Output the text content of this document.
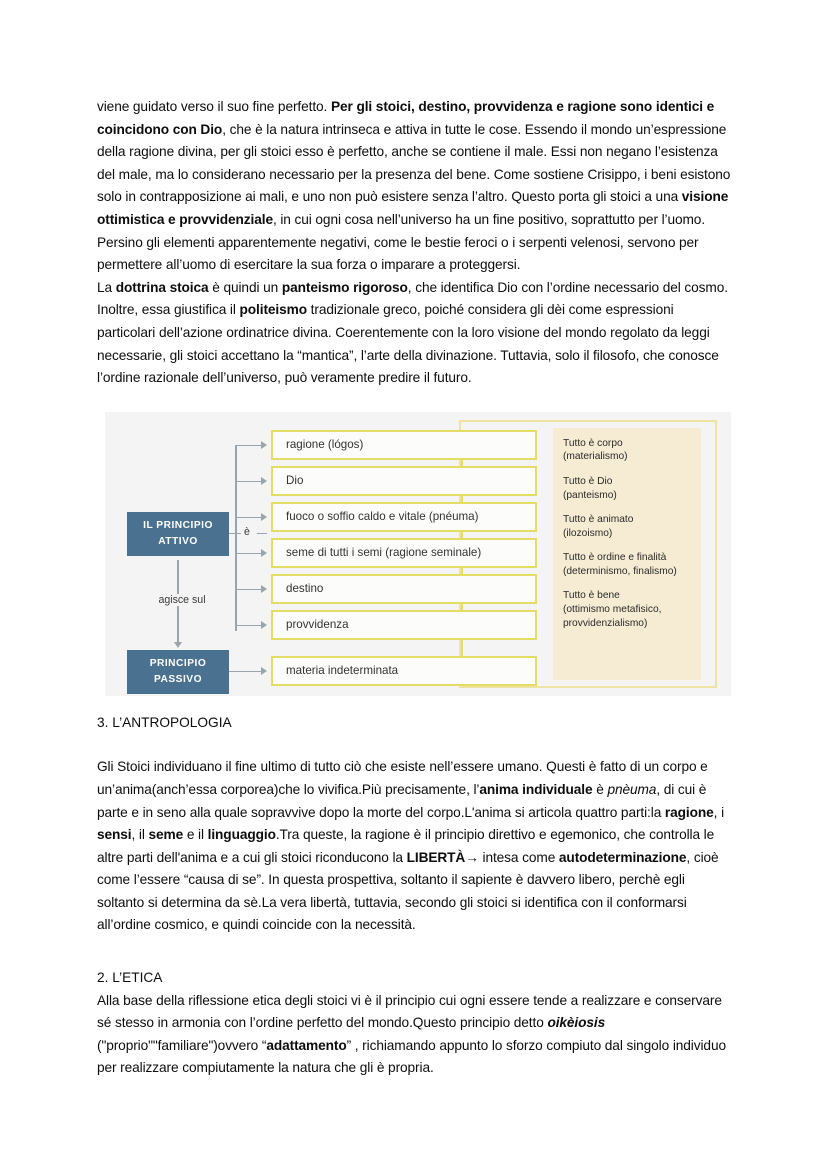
viene guidato verso il suo fine perfetto. Per gli stoici, destino, provvidenza e ragione sono identici e coincidono con Dio, che è la natura intrinseca e attiva in tutte le cose. Essendo il mondo un’espressione della ragione divina, per gli stoici esso è perfetto, anche se contiene il male. Essi non negano l’esistenza del male, ma lo considerano necessario per la presenza del bene. Come sostiene Crisippo, i beni esistono solo in contrapposizione ai mali, e uno non può esistere senza l’altro. Questo porta gli stoici a una visione ottimistica e provvidenziale, in cui ogni cosa nell’universo ha un fine positivo, soprattutto per l’uomo. Persino gli elementi apparentemente negativi, come le bestie feroci o i serpenti velenosi, servono per permettere all’uomo di esercitare la sua forza o imparare a proteggersi.

La dottrina stoica è quindi un panteismo rigoroso, che identifica Dio con l’ordine necessario del cosmo. Inoltre, essa giustifica il politeismo tradizionale greco, poiché considera gli dèi come espressioni particolari dell’azione ordinatrice divina. Coerentemente con la loro visione del mondo regolato da leggi necessarie, gli stoici accettano la “mantica”, l’arte della divinazione. Tuttavia, solo il filosofo, che conosce l’ordine razionale dell’universo, può veramente predire il futuro.

IL PRINCIPIO
ATTIVO
PRINCIPIO
PASSIVO
è
agisce sul
ragione (lógos)
Dio
fuoco o soffio caldo e vitale (pnéuma)
seme di tutti i semi (ragione seminale)
destino
provvidenza
materia indeterminata
Tutto è corpo
(materialismo)
Tutto è Dio
(panteismo)
Tutto è animato
(ilozoismo)
Tutto è ordine e finalità
(determinismo, finalismo)
Tutto è bene
(ottimismo metafisico,
provvidenzialismo)
3. L’ANTROPOLOGIA

Gli Stoici individuano il fine ultimo di tutto ciò che esiste nell’essere umano. Questi è fatto di un corpo e un’anima(anch’essa corporea)che lo vivifica.Più precisamente, l’anima individuale è pnèuma, di cui è parte e in seno alla quale sopravvive dopo la morte del corpo.L'anima si articola quattro parti:la ragione, i sensi, il seme e il linguaggio.Tra queste, la ragione è il principio direttivo e egemonico, che controlla le altre parti dell'anima e a cui gli stoici riconducono la LIBERTÀ→ intesa come autodeterminazione, cioè come l’essere “causa di se”. In questa prospettiva, soltanto il sapiente è davvero libero, perchè egli soltanto si determina da sè.La vera libertà, tuttavia, secondo gli stoici si identifica con il conformarsi all’ordine cosmico, e quindi coincide con la necessità.

2. L’ETICA

Alla base della riflessione etica degli stoici vi è il principio cui ogni essere tende a realizzare e conservare sé stesso in armonia con l’ordine perfetto del mondo.Questo principio detto oikèiosis ("proprio""familiare")ovvero “adattamento” , richiamando appunto lo sforzo compiuto dal singolo individuo per realizzare compiutamente la natura che gli è propria.
